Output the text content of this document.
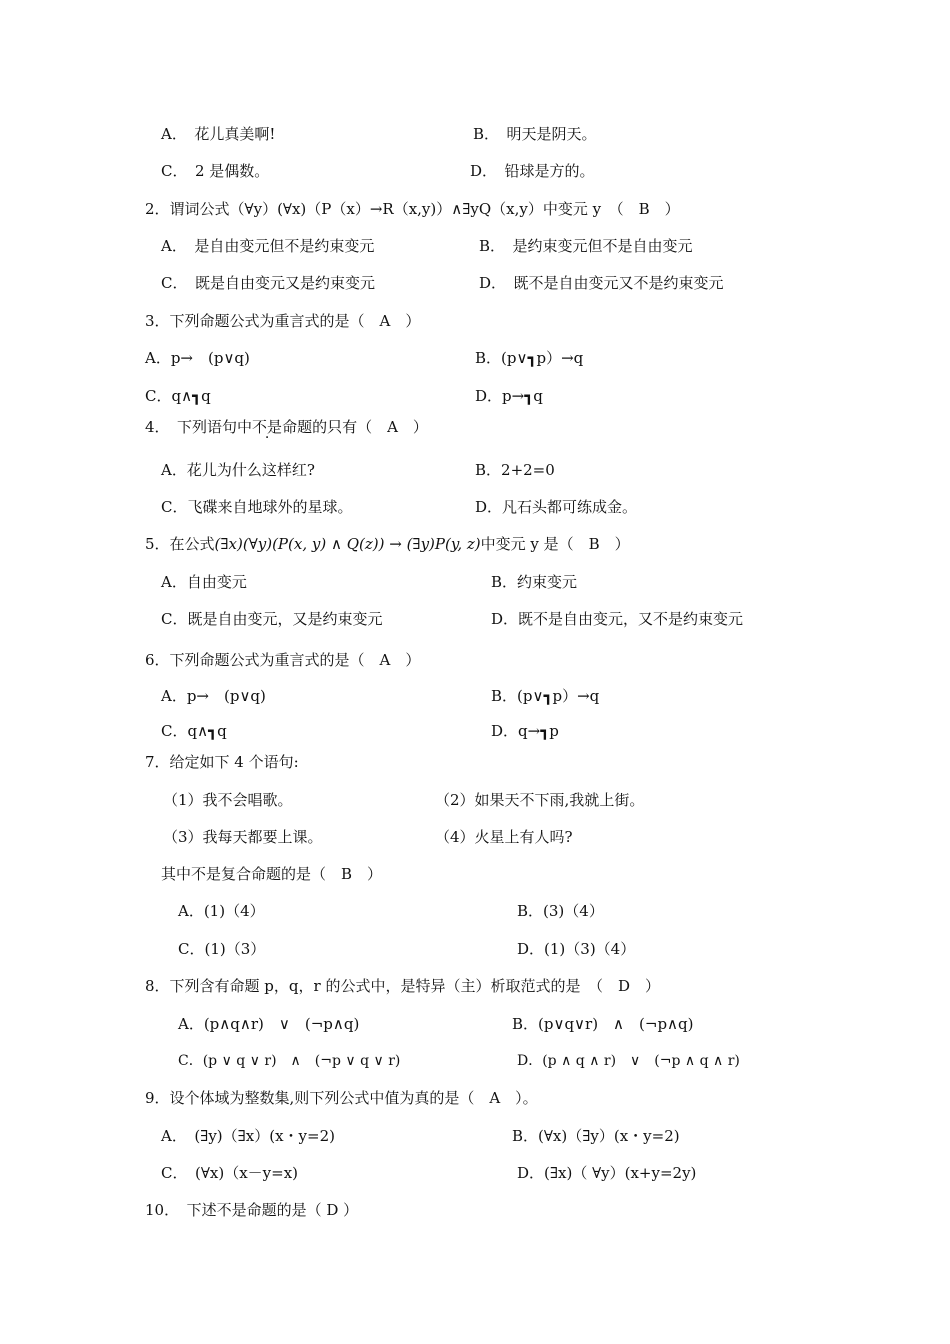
A．　花儿真美啊!	B．　明天是阴天。
C．　2 是偶数。	D．　铅球是方的。
2．谓词公式（∀y）(∀x)（P（x）→R（x,y)）∧∃yQ（x,y）中变元 y　（　B　）
A．　是自由变元但不是约束变元	B．　是约束变元但不是自由变元
C．　既是自由变元又是约束变元	D．　既不是自由变元又不是约束变元
3．下列命题公式为重言式的是（　A　）
A．p→　(p∨q)	B．(p∨┓p）→q
C．q∧┓q	D．p→┓q
4．　下列语句中不是命题的只有（　A　）
A．花儿为什么这样红?	B．2+2=0
C．飞碟来自地球外的星球。	D．凡石头都可练成金。
5．在公式(∃x)(∀y)(P(x, y) ∧ Q(z)) → (∃y)P(y, z)中变元 y 是（　B　）
A．自由变元	B．约束变元
C．既是自由变元，又是约束变元	D．既不是自由变元，又不是约束变元
6．下列命题公式为重言式的是（　A　）
A．p→　(p∨q)	B．(p∨┓p）→q
C．q∧┓q	D．q→┓p
7．给定如下 4 个语句:
（1）我不会唱歌。	（2）如果天不下雨,我就上街。
（3）我每天都要上课。	（4）火星上有人吗?
其中不是复合命题的是（　B　）
A．(1)（4）	B．(3)（4）
C．(1)（3）	D．(1)（3)（4）
8．下列含有命题 p，q，r 的公式中，是特异（主）析取范式的是　（　D　）
A．(p∧q∧r)　∨　(¬p∧q)	B．(p∨q∨r)　∧　(¬p∧q)
C．(p ∨ q ∨ r)　∧　(¬p ∨ q ∨ r)	D．(p ∧ q ∧ r)　∨　(¬p ∧ q ∧ r)
9．设个体域为整数集,则下列公式中值为真的是（　A　）。
A．　(∃y)（∃x）(x・y=2)	B．(∀x)（∃y）(x・y=2)
C．　(∀x)（x－y=x)	D．(∃x)（ ∀y）(x+y=2y)
10．　下述不是命题的是（ D ）
